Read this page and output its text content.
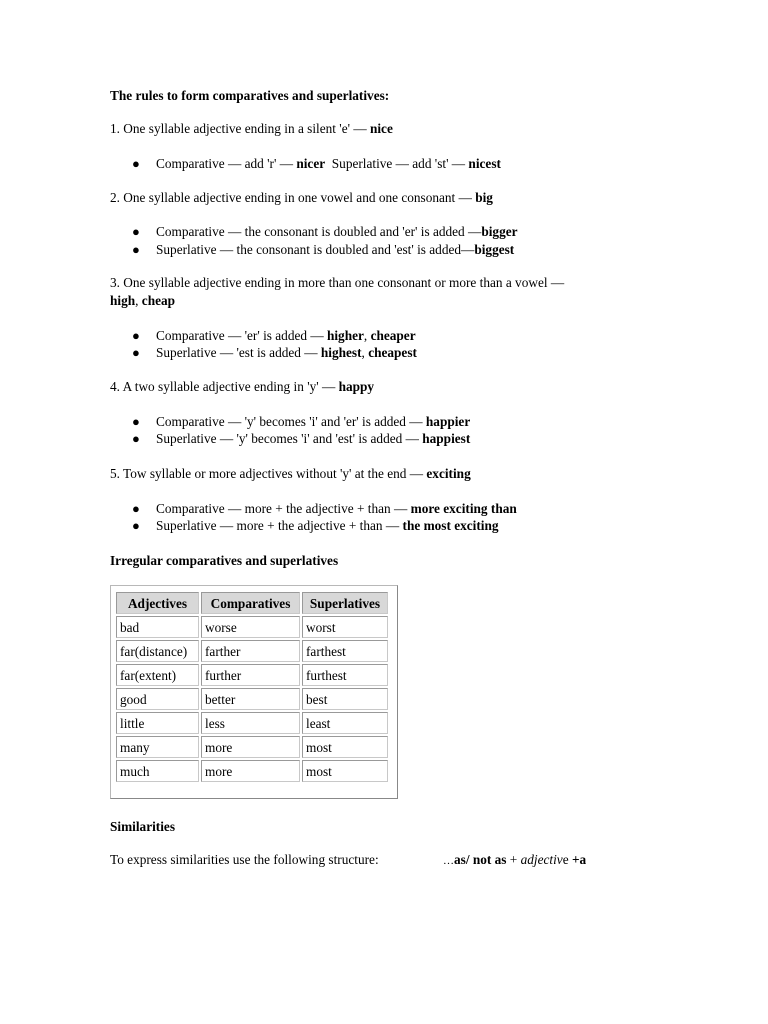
The rules to form comparatives and superlatives:
1. One syllable adjective ending in a silent 'e' — nice
● Comparative — add 'r' — nicer Superlative — add 'st' — nicest
2. One syllable adjective ending in one vowel and one consonant — big
● Comparative — the consonant is doubled and 'er' is added —bigger
● Superlative — the consonant is doubled and 'est' is added—biggest
3. One syllable adjective ending in more than one consonant or more than a vowel —
high, cheap
● Comparative — 'er' is added — higher, cheaper
● Superlative — 'est is added — highest, cheapest
4. A two syllable adjective ending in 'y' — happy
● Comparative — 'y' becomes 'i' and 'er' is added — happier
● Superlative — 'y' becomes 'i' and 'est' is added — happiest
5. Tow syllable or more adjectives without 'y' at the end — exciting
● Comparative — more + the adjective + than — more exciting than
● Superlative — more + the adjective + than — the most exciting
Irregular comparatives and superlatives
Adjectives	Comparatives	Superlatives
bad	worse	worst
far(distance)	farther	farthest
far(extent)	further	furthest
good	better	best
little	less	least
many	more	most
much	more	most
Similarities
To express similarities use the following structure:	…as/ not as + adjective +a
